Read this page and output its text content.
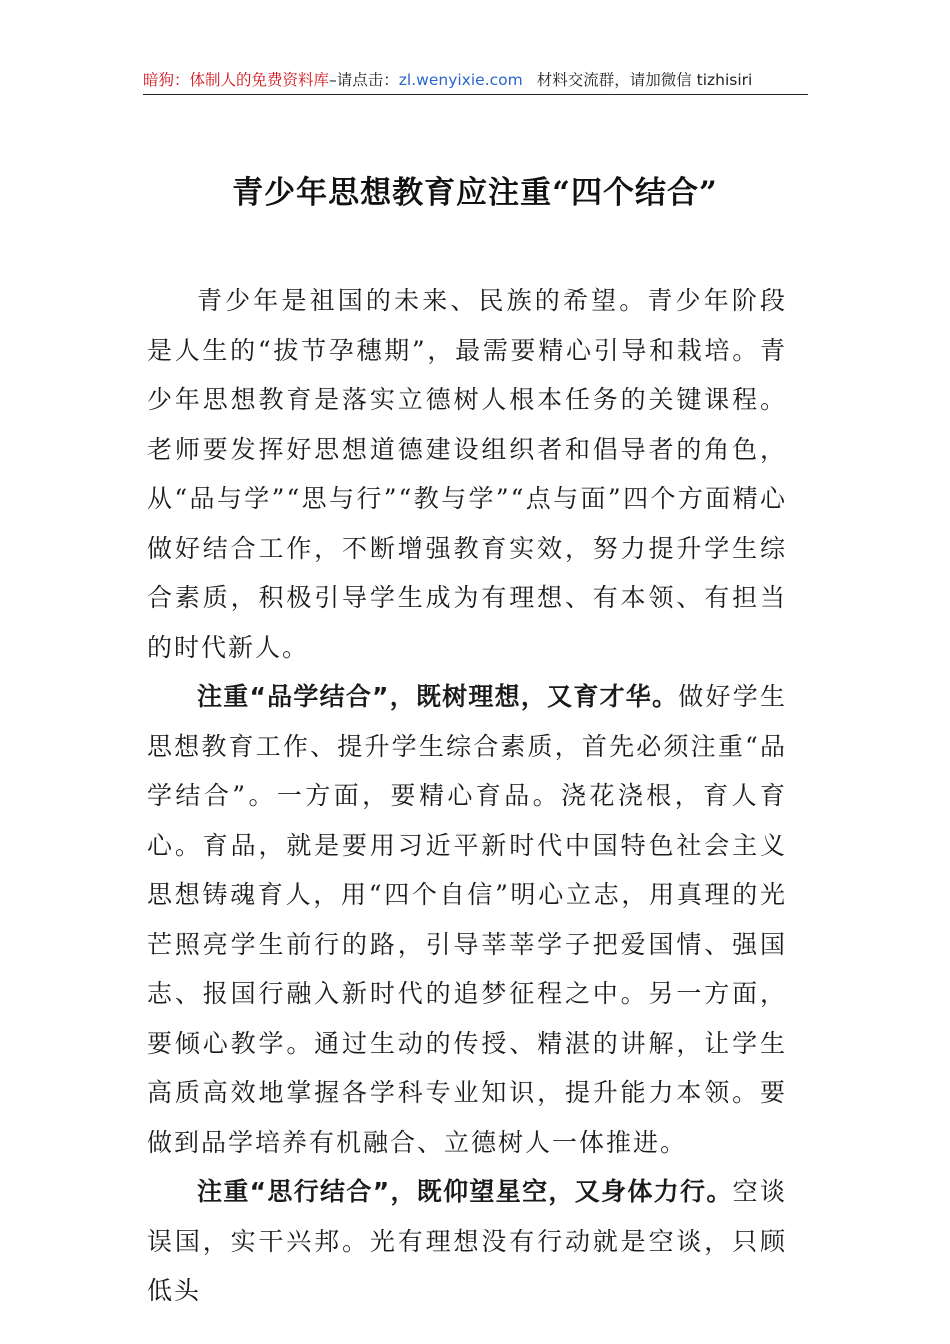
暗狗：体制人的免费资料库–请点击：zl.wenyixie.com 材料交流群，请加微信 tizhisiri
青少年思想教育应注重“四个结合”

青少年是祖国的未来、民族的希望。青少年阶段是人生的“拔节孕穗期”，最需要精心引导和栽培。青少年思想教育是落实立德树人根本任务的关键课程。老师要发挥好思想道德建设组织者和倡导者的角色，从“品与学”“思与行”“教与学”“点与面”四个方面精心做好结合工作，不断增强教育实效，努力提升学生综合素质，积极引导学生成为有理想、有本领、有担当的时代新人。

注重“品学结合”，既树理想，又育才华。做好学生思想教育工作、提升学生综合素质，首先必须注重“品学结合”。一方面，要精心育品。浇花浇根，育人育心。育品，就是要用习近平新时代中国特色社会主义思想铸魂育人，用“四个自信”明心立志，用真理的光芒照亮学生前行的路，引导莘莘学子把爱国情、强国志、报国行融入新时代的追梦征程之中。另一方面，要倾心教学。通过生动的传授、精湛的讲解，让学生高质高效地掌握各学科专业知识，提升能力本领。要做到品学培养有机融合、立德树人一体推进。

注重“思行结合”，既仰望星空，又身体力行。空谈误国，实干兴邦。光有理想没有行动就是空谈，只顾低头
